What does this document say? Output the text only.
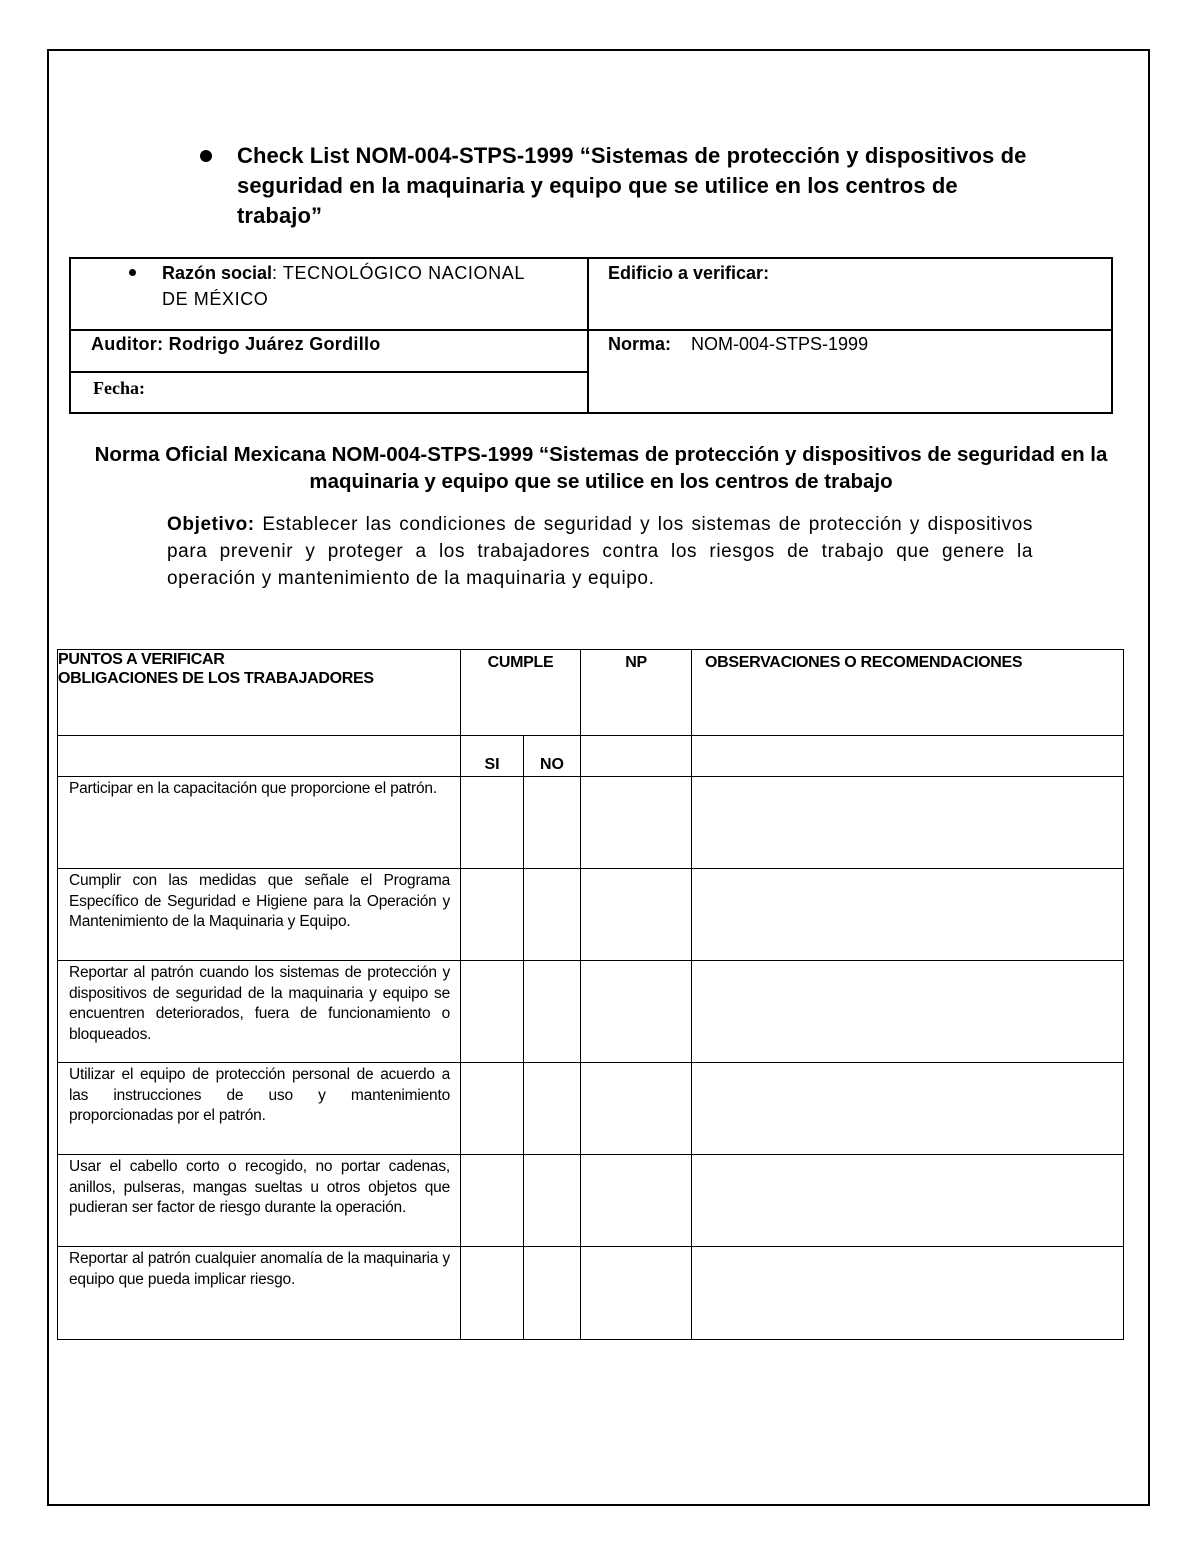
Check List NOM-004-STPS-1999 “Sistemas de protección y dispositivos de seguridad en la maquinaria y equipo que se utilice en los centros de trabajo”
Razón social: TECNOLÓGICO NACIONAL DE MÉXICO
Edificio a verificar:
Auditor: Rodrigo Juárez Gordillo	Norma: NOM-004-STPS-1999
Fecha:
Norma Oficial Mexicana NOM-004-STPS-1999 “Sistemas de protección y dispositivos de seguridad en la maquinaria y equipo que se utilice en los centros de trabajo
Objetivo: Establecer las condiciones de seguridad y los sistemas de protección y dispositivos para prevenir y proteger a los trabajadores contra los riesgos de trabajo que genere la operación y mantenimiento de la maquinaria y equipo.
PUNTOS A VERIFICAR
OBLIGACIONES DE LOS TRABAJADORES	CUMPLE		NP	OBSERVACIONES O RECOMENDACIONES
	SI	NO		
Participar en la capacitación que proporcione el patrón.				
Cumplir con las medidas que señale el Programa Específico de Seguridad e Higiene para la Operación y Mantenimiento de la Maquinaria y Equipo.				
Reportar al patrón cuando los sistemas de protección y dispositivos de seguridad de la maquinaria y equipo se encuentren deteriorados, fuera de funcionamiento o bloqueados.				
Utilizar el equipo de protección personal de acuerdo a las instrucciones de uso y mantenimiento proporcionadas por el patrón.				
Usar el cabello corto o recogido, no portar cadenas, anillos, pulseras, mangas sueltas u otros objetos que pudieran ser factor de riesgo durante la operación.				
Reportar al patrón cualquier anomalía de la maquinaria y equipo que pueda implicar riesgo.				
